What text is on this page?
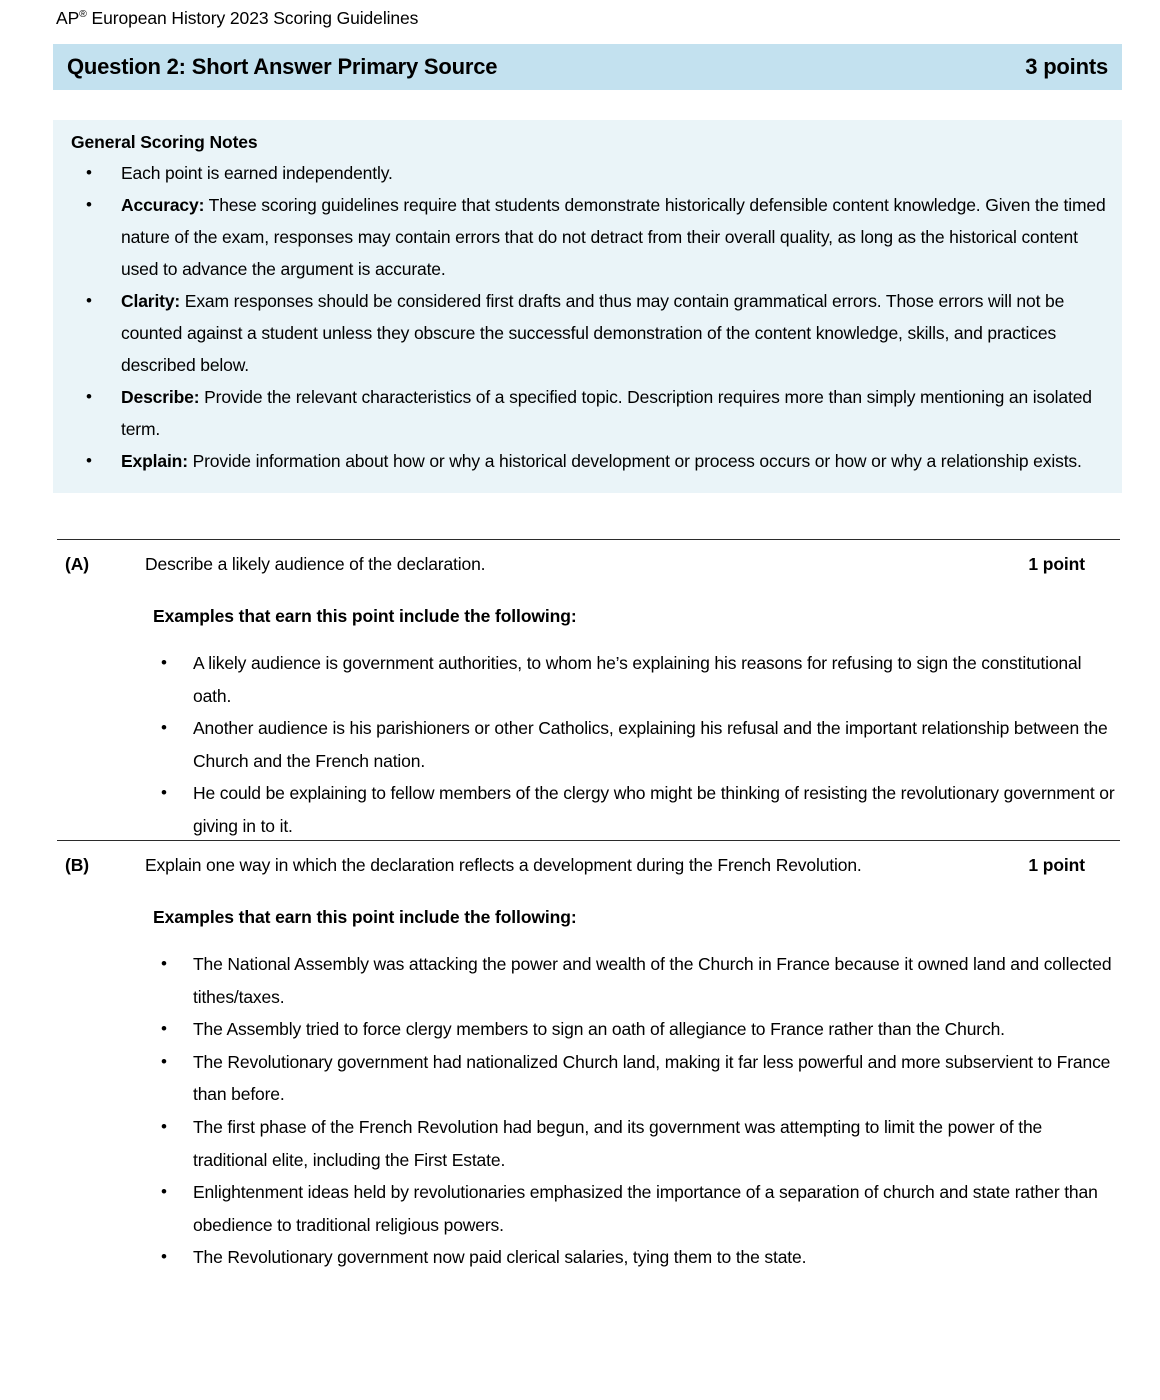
AP® European History 2023 Scoring Guidelines
Question 2: Short Answer Primary Source	3 points
General Scoring Notes
• Each point is earned independently.
• Accuracy: These scoring guidelines require that students demonstrate historically defensible content knowledge. Given the timed nature of the exam, responses may contain errors that do not detract from their overall quality, as long as the historical content used to advance the argument is accurate.
• Clarity: Exam responses should be considered first drafts and thus may contain grammatical errors. Those errors will not be counted against a student unless they obscure the successful demonstration of the content knowledge, skills, and practices described below.
• Describe: Provide the relevant characteristics of a specified topic. Description requires more than simply mentioning an isolated term.
• Explain: Provide information about how or why a historical development or process occurs or how or why a relationship exists.
(A)	Describe a likely audience of the declaration.	1 point
Examples that earn this point include the following:
• A likely audience is government authorities, to whom he’s explaining his reasons for refusing to sign the constitutional oath.
• Another audience is his parishioners or other Catholics, explaining his refusal and the important relationship between the Church and the French nation.
• He could be explaining to fellow members of the clergy who might be thinking of resisting the revolutionary government or giving in to it.
(B)	Explain one way in which the declaration reflects a development during the French Revolution.	1 point
Examples that earn this point include the following:
• The National Assembly was attacking the power and wealth of the Church in France because it owned land and collected tithes/taxes.
• The Assembly tried to force clergy members to sign an oath of allegiance to France rather than the Church.
• The Revolutionary government had nationalized Church land, making it far less powerful and more subservient to France than before.
• The first phase of the French Revolution had begun, and its government was attempting to limit the power of the traditional elite, including the First Estate.
• Enlightenment ideas held by revolutionaries emphasized the importance of a separation of church and state rather than obedience to traditional religious powers.
• The Revolutionary government now paid clerical salaries, tying them to the state.
